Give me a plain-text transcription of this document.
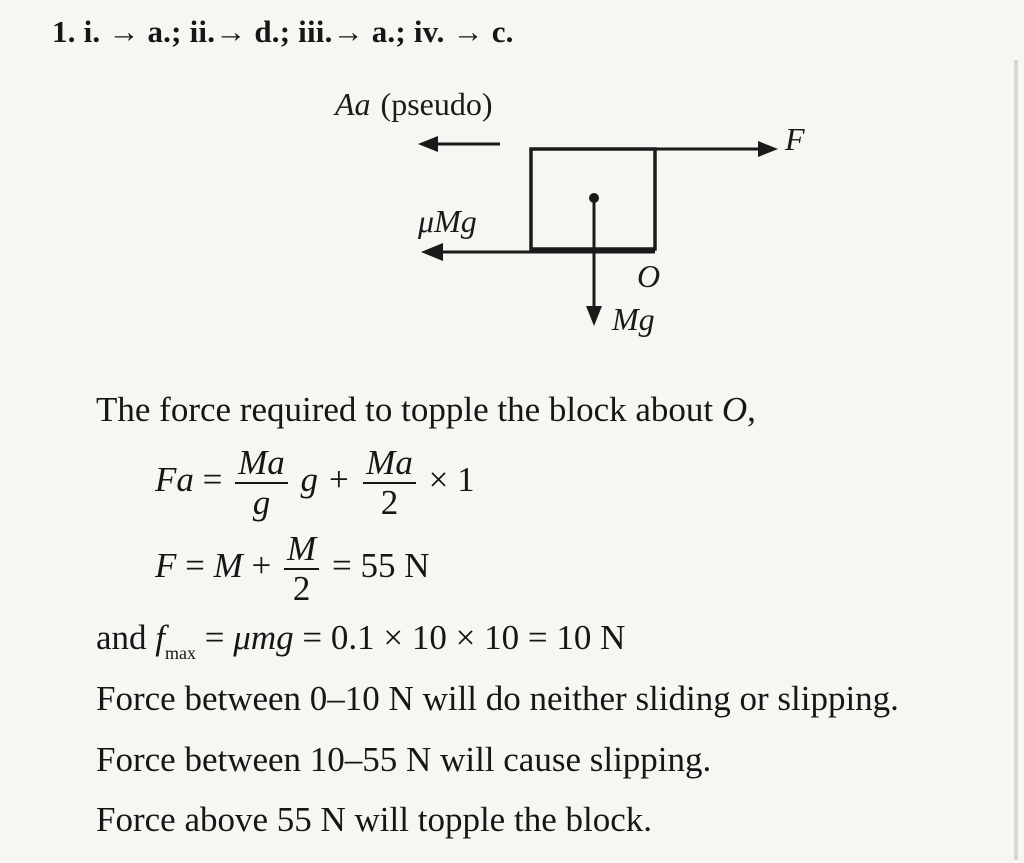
1. i. → a.; ii.→ d.; iii.→ a.; iv. → c.
Aa (pseudo)
F
μMg
O
Mg
The force required to topple the block about O,
$Fa = \frac{Ma}{g}$ $g + \frac{Ma}{2} \times 1$
$F = M + \frac{M}{2} = 55$ N
and $f_{max} = \mu mg = 0.1 \times 10 \times 10 = 10$ N
Force between 0–10 N will do neither sliding or slipping.
Force between 10–55 N will cause slipping.
Force above 55 N will topple the block.
